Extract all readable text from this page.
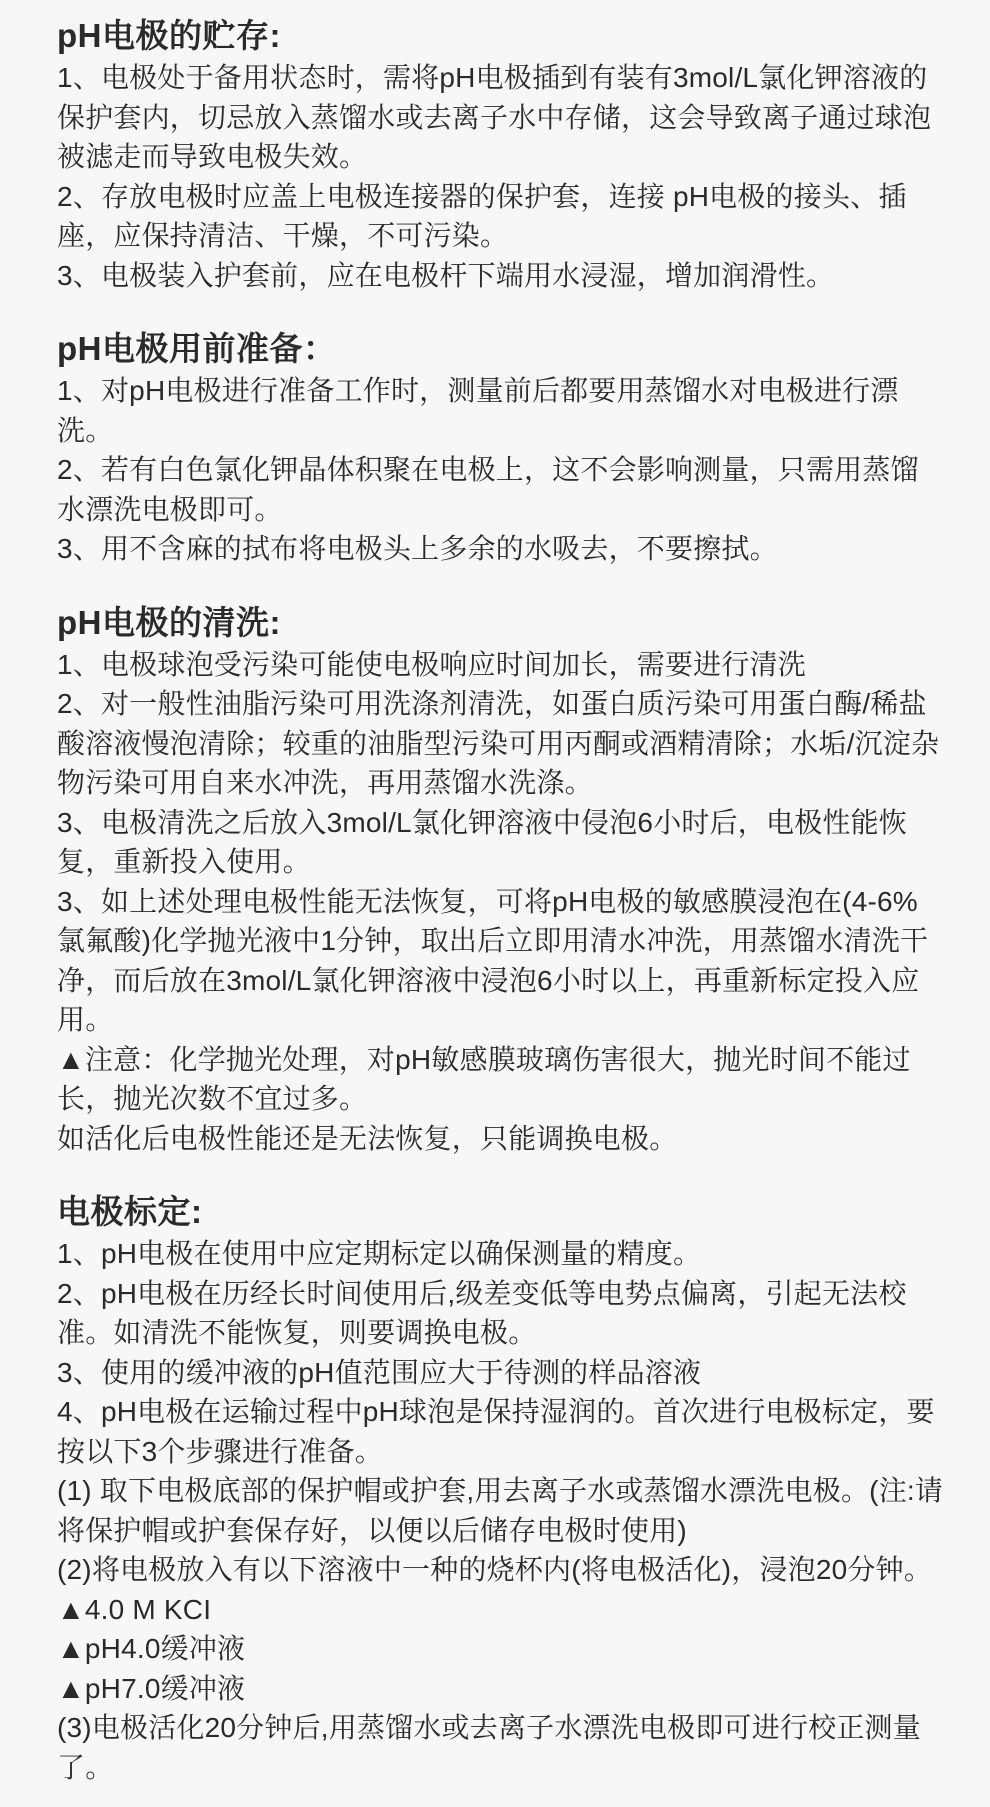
pH电极的贮存:

1、电极处于备用状态时，需将pH电极插到有装有3mol/L氯化钾溶液的保护套内，切忌放入蒸馏水或去离子水中存储，这会导致离子通过球泡被滤走而导致电极失效。

2、存放电极时应盖上电极连接器的保护套，连接 pH电极的接头、插座，应保持清洁、干燥，不可污染。

3、电极装入护套前，应在电极杆下端用水浸湿，增加润滑性。

pH电极用前准备：

1、对pH电极进行准备工作时，测量前后都要用蒸馏水对电极进行漂洗。

2、若有白色氯化钾晶体积聚在电极上，这不会影响测量，只需用蒸馏水漂洗电极即可。

3、用不含麻的拭布将电极头上多余的水吸去，不要擦拭。

pH电极的清洗:

1、电极球泡受污染可能使电极响应时间加长，需要进行清洗

2、对一般性油脂污染可用洗涤剂清洗，如蛋白质污染可用蛋白酶/稀盐酸溶液慢泡清除；较重的油脂型污染可用丙酮或酒精清除；水垢/沉淀杂物污染可用自来水冲洗，再用蒸馏水洗涤。

3、电极清洗之后放入3mol/L氯化钾溶液中侵泡6小时后，电极性能恢复，重新投入使用。

3、如上述处理电极性能无法恢复，可将pH电极的敏感膜浸泡在(4-6%氯氟酸)化学抛光液中1分钟，取出后立即用清水冲洗，用蒸馏水清洗干净，而后放在3mol/L氯化钾溶液中浸泡6小时以上，再重新标定投入应用。

▲注意：化学抛光处理，对pH敏感膜玻璃伤害很大，抛光时间不能过长，抛光次数不宜过多。

如活化后电极性能还是无法恢复，只能调换电极。

电极标定:

1、pH电极在使用中应定期标定以确保测量的精度。

2、pH电极在历经长时间使用后,级差变低等电势点偏离，引起无法校准。如清洗不能恢复，则要调换电极。

3、使用的缓冲液的pH值范围应大于待测的样品溶液

4、pH电极在运输过程中pH球泡是保持湿润的。首次进行电极标定，要按以下3个步骤进行准备。

(1) 取下电极底部的保护帽或护套,用去离子水或蒸馏水漂洗电极。(注:请将保护帽或护套保存好，以便以后储存电极时使用)

(2)将电极放入有以下溶液中一种的烧杯内(将电极活化)，浸泡20分钟。

▲4.0 M KCI

▲pH4.0缓冲液

▲pH7.0缓冲液

(3)电极活化20分钟后,用蒸馏水或去离子水漂洗电极即可进行校正测量了。
